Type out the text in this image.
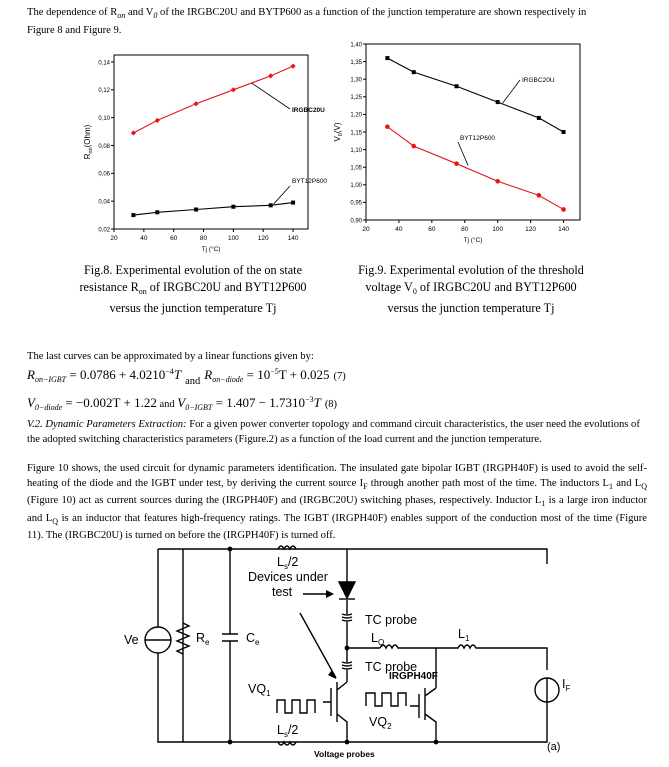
The dependence of $R_{on}$ and $V_0$ of the IRGBC20U and BYTP600 as a function of the junction temperature are shown respectively in
Figure 8 and Figure 9.
20	40	60	80	100	120	140
0,02
0,04
0,06
0,08
0,10
0,12
0,14
Tj (°C)
$R_{on}(Ohm)$
IRGBC20U
BYT12P600
20	40	60	80	100	120	140
0,90
0,95
1,00
1,05
1,10
1,15
1,20
1,25
1,30
1,35
1,40
Tj (°C)
$V_0(V)$
IRGBC20U
BYT12P600
Fig.8. Experimental evolution of the on state
resistance $R_{on}$ of IRGBC20U and BYT12P600
versus the junction temperature Tj
Fig.9. Experimental evolution of the threshold
voltage $V_0$ of IRGBC20U and BYT12P600
versus the junction temperature Tj
The last curves can be approximated by a linear functions given by:
$R_{on-IGBT} = 0.0786 + 4.0210^{-4}T$ $_{and}$ $R_{on-diode} = 10^{-5}T + 0.025$ (7)
$V_{0-diode} = -0.002T + 1.22$ and $V_{0-IGBT} = 1.407 - 1.7310^{-3}T$ (8)
V.2. Dynamic Parameters Extraction: For a given power converter topology and command circuit characteristics, the user need the evolutions of the adopted switching characteristics parameters (Figure.2) as a function of the load current and the junction temperature.
Figure 10 shows, the used circuit for dynamic parameters identification. The insulated gate bipolar IGBT (IRGPH40F) is used to avoid the self-heating of the diode and the IGBT under test, by deriving the current source $I_F$ through another path most of the time. The inductors $L_1$ and $L_Q$ (Figure 10) act as current sources during the (IRGPH40F) and (IRGBC20U) switching phases, respectively. Inductor $L_1$ is a large iron inductor and $L_Q$ is an inductor that features high-frequency ratings. The IGBT (IRGPH40F) enables support of the conduction most of the time (Figure 11). The (IRGBC20U) is turned on before the (IRGPH40F) is turned off.
Ve	$R_e$	$C_e$
$L_s/2$
Devices under
test
TC probe
$L_Q$
$L_1$
TC probe
IRGPH40F
$VQ_1$
$VQ_2$
$I_F$
$L_s/2$
Voltage probes
(a)
